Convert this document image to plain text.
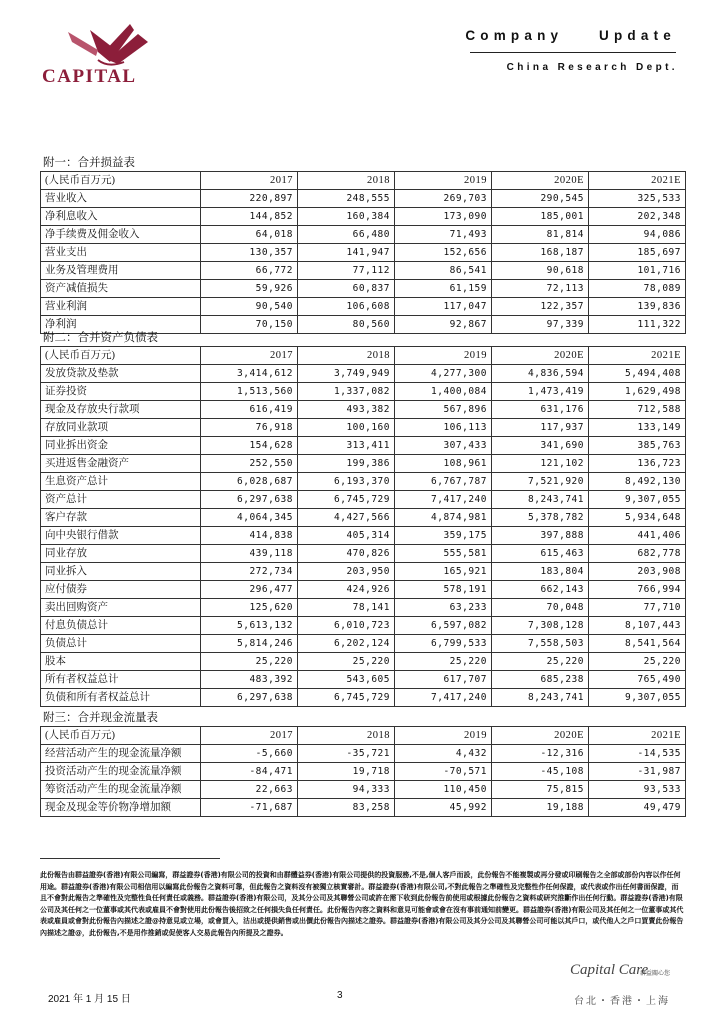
CAPITAL
Company    Update
China Research Dept.
附一：合并损益表
(人民币百万元)	2017	2018	2019	2020E	2021E
营业收入	220,897	248,555	269,703	290,545	325,533
净利息收入	144,852	160,384	173,090	185,001	202,348
净手续费及佣金收入	64,018	66,480	71,493	81,814	94,086
营业支出	130,357	141,947	152,656	168,187	185,697
业务及管理费用	66,772	77,112	86,541	90,618	101,716
资产减值损失	59,926	60,837	61,159	72,113	78,089
营业利润	90,540	106,608	117,047	122,357	139,836
净利润	70,150	80,560	92,867	97,339	111,322
附二：合并资产负债表
(人民币百万元)	2017	2018	2019	2020E	2021E
发放贷款及垫款	3,414,612	3,749,949	4,277,300	4,836,594	5,494,408
证券投资	1,513,560	1,337,082	1,400,084	1,473,419	1,629,498
现金及存放央行款项	616,419	493,382	567,896	631,176	712,588
存放同业款项	76,918	100,160	106,113	117,937	133,149
同业拆出资金	154,628	313,411	307,433	341,690	385,763
买进返售金融资产	252,550	199,386	108,961	121,102	136,723
生息资产总计	6,028,687	6,193,370	6,767,787	7,521,920	8,492,130
资产总计	6,297,638	6,745,729	7,417,240	8,243,741	9,307,055
客户存款	4,064,345	4,427,566	4,874,981	5,378,782	5,934,648
向中央银行借款	414,838	405,314	359,175	397,888	441,406
同业存放	439,118	470,826	555,581	615,463	682,778
同业拆入	272,734	203,950	165,921	183,804	203,908
应付债券	296,477	424,926	578,191	662,143	766,994
卖出回购资产	125,620	78,141	63,233	70,048	77,710
付息负债总计	5,613,132	6,010,723	6,597,082	7,308,128	8,107,443
负债总计	5,814,246	6,202,124	6,799,533	7,558,503	8,541,564
股本	25,220	25,220	25,220	25,220	25,220
所有者权益总计	483,392	543,605	617,707	685,238	765,490
负债和所有者权益总计	6,297,638	6,745,729	7,417,240	8,243,741	9,307,055
附三：合并现金流量表
(人民币百万元)	2017	2018	2019	2020E	2021E
经营活动产生的现金流量净额	-5,660	-35,721	4,432	-12,316	-14,535
投资活动产生的现金流量净额	-84,471	19,718	-70,571	-45,108	-31,987
筹资活动产生的现金流量净额	22,663	94,333	110,450	75,815	93,533
现金及现金等价物净增加额	-71,687	83,258	45,992	19,188	49,479
此份報告由群益證券(香港)有限公司編寫，群益證券(香港)有限公司的投資和由群體益券(香港)有限公司提供的投資服務,不是,個人客戶而設，此份報告不能複製或再分發或印刷報告之全部或部份內容以作任何用途。群益證券(香港)有限公司相信用以編寫此份報告之資料可靠，但此報告之資料沒有被獨立核實審計。群益證券(香港)有限公司,不對此報告之準確性及完整性作任何保證，或代表或作出任何書面保證，而且不會對此報告之準確性及完整性負任何責任或義務。群益證券(香港)有限公司，及其分公司及其聯營公司或許在需下收到此份報告前使用或根據此份報告之資料或研究推斷作出任何行動。群益證券(香港)有限公司及其任何之一位董事或其代表或雇員不會對使用此份報告後招致之任何損失負任何責任。此份報告內容之資料和意見可能會或會在沒有事前通知前變更。群益證券(香港)有限公司及其任何之一位董事或其代表或雇員或會對此份報告內描述之證@持意見或立場，或會買入，沽出或提供銷售或出價此份報告內描述之證券。群益證券(香港)有限公司及其分公司及其聯營公司可能以其戶口，或代他人之戶口買賣此份報告內描述之證@，此份報告,不是用作推銷或促使客人交易此報告內所提及之證券。
Capital Care
群益關心您
台北・香港・上海
2021 年 1 月 15 日	3
